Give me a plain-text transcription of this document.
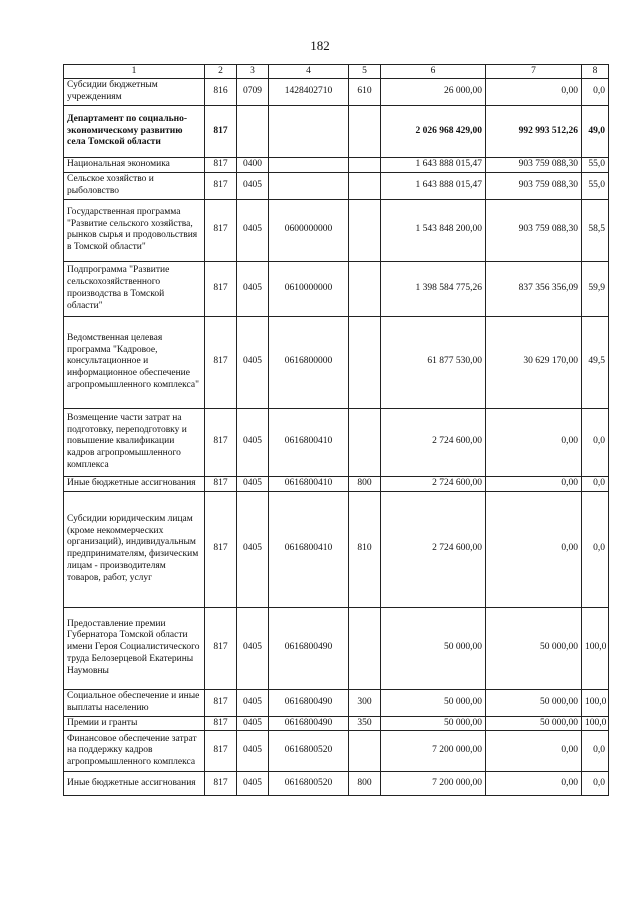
182
1	2	3	4	5	6	7	8
Субсидии бюджетным учреждениям	816	0709	1428402710	610	26 000,00	0,00	0,0
Департамент по социально-экономическому развитию села Томской области	817				2 026 968 429,00	992 993 512,26	49,0
Национальная экономика	817	0400			1 643 888 015,47	903 759 088,30	55,0
Сельское хозяйство и рыболовство	817	0405			1 643 888 015,47	903 759 088,30	55,0
Государственная программа "Развитие сельского хозяйства, рынков сырья и продовольствия в Томской области"	817	0405	0600000000		1 543 848 200,00	903 759 088,30	58,5
Подпрограмма "Развитие сельскохозяйственного производства в Томской области"	817	0405	0610000000		1 398 584 775,26	837 356 356,09	59,9
Ведомственная целевая программа "Кадровое, консультационное и информационное обеспечение агропромышленного комплекса"	817	0405	0616800000		61 877 530,00	30 629 170,00	49,5
Возмещение части затрат на подготовку, переподготовку и повышение квалификации кадров агропромышленного комплекса	817	0405	0616800410		2 724 600,00	0,00	0,0
Иные бюджетные ассигнования	817	0405	0616800410	800	2 724 600,00	0,00	0,0
Субсидии юридическим лицам (кроме некоммерческих организаций), индивидуальным предпринимателям, физическим лицам - производителям товаров, работ, услуг	817	0405	0616800410	810	2 724 600,00	0,00	0,0
Предоставление премии Губернатора Томской области имени Героя Социалистического труда Белозерцевой Екатерины Наумовны	817	0405	0616800490		50 000,00	50 000,00	100,0
Социальное обеспечение и иные выплаты населению	817	0405	0616800490	300	50 000,00	50 000,00	100,0
Премии и гранты	817	0405	0616800490	350	50 000,00	50 000,00	100,0
Финансовое обеспечение затрат на поддержку кадров агропромышленного комплекса	817	0405	0616800520		7 200 000,00	0,00	0,0
Иные бюджетные ассигнования	817	0405	0616800520	800	7 200 000,00	0,00	0,0
